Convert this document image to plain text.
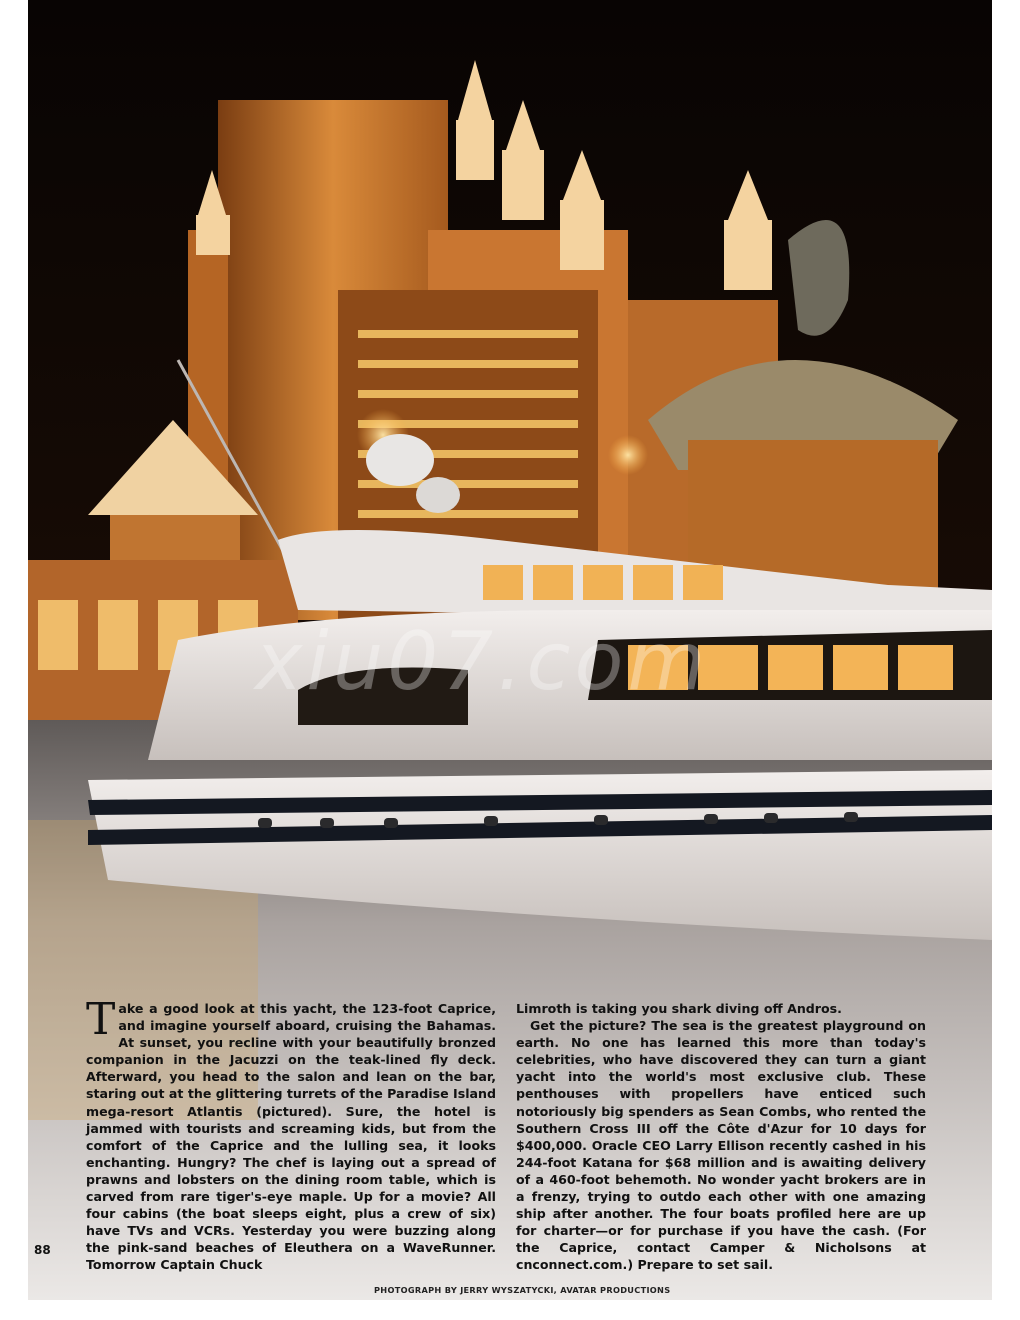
xiu07.com
T ake a good look at this yacht, the 123-foot Caprice, and imagine yourself aboard, cruising the Bahamas. At sunset, you recline with your beautifully bronzed companion in the Jacuzzi on the teak-lined fly deck. Afterward, you head to the salon and lean on the bar, staring out at the glittering turrets of the Paradise Island mega-resort Atlantis (pictured). Sure, the hotel is jammed with tourists and screaming kids, but from the comfort of the Caprice and the lulling sea, it looks enchanting. Hungry? The chef is laying out a spread of prawns and lobsters on the dining room table, which is carved from rare tiger's-eye maple. Up for a movie? All four cabins (the boat sleeps eight, plus a crew of six) have TVs and VCRs. Yesterday you were buzzing along the pink-sand beaches of Eleuthera on a WaveRunner. Tomorrow Captain Chuck

Limroth is taking you shark diving off Andros.

Get the picture? The sea is the greatest playground on earth. No one has learned this more than today's celebrities, who have discovered they can turn a giant yacht into the world's most exclusive club. These penthouses with propellers have enticed such notoriously big spenders as Sean Combs, who rented the Southern Cross III off the Côte d'Azur for 10 days for $400,000. Oracle CEO Larry Ellison recently cashed in his 244-foot Katana for $68 million and is awaiting delivery of a 460-foot behemoth. No wonder yacht brokers are in a frenzy, trying to outdo each other with one amazing ship after another. The four boats profiled here are up for charter—or for purchase if you have the cash. (For the Caprice, contact Camper & Nicholsons at cnconnect.com.) Prepare to set sail.

88
PHOTOGRAPH BY JERRY WYSZATYCKI, AVATAR PRODUCTIONS
